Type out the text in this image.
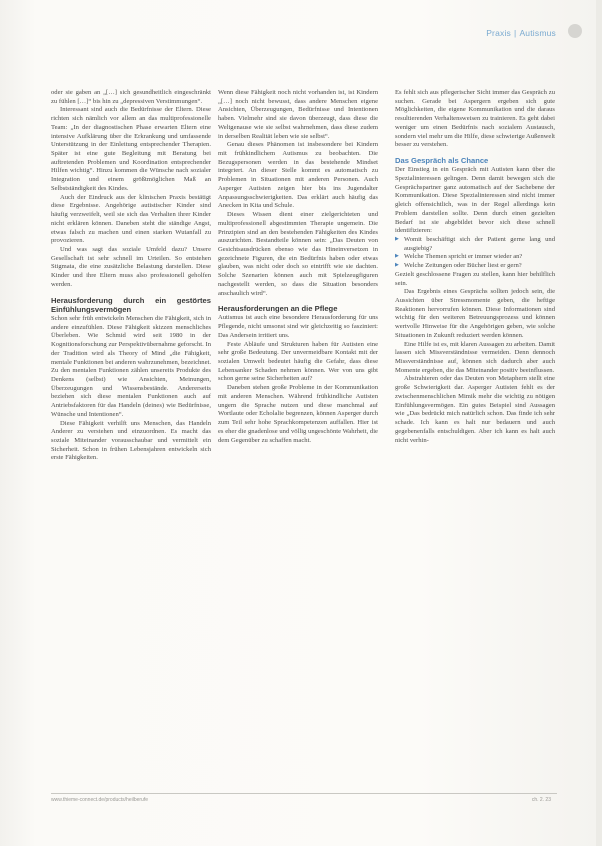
Praxis | Autismus

oder sie gaben an „[…] sich gesundheitlich eingeschränkt zu fühlen […]“ bis hin zu „depressiven Verstimmungen“.

Interessant sind auch die Bedürfnisse der Eltern. Diese richten sich nämlich vor allem an das multiprofessionelle Team: „In der diagnostischen Phase erwarten Eltern eine intensive Aufklärung über die Erkrankung und umfassende Unterstützung in der Einleitung entsprechender Therapien. Später ist eine gute Begleitung mit Beratung bei auftretenden Problemen und Koordination entsprechender Hilfen wichtig“. Hinzu kommen die Wünsche nach sozialer Integration und einem größtmöglichen Maß an Selbstständigkeit des Kindes.

Auch der Eindruck aus der klinischen Praxis bestätigt diese Ergebnisse. Angehörige autistischer Kinder sind häufig verzweifelt, weil sie sich das Verhalten ihrer Kinder nicht erklären können. Daneben steht die ständige Angst, etwas falsch zu machen und einen starken Wutanfall zu provozieren.

Und was sagt das soziale Umfeld dazu? Unsere Gesellschaft ist sehr schnell im Urteilen. So entstehen Stigmata, die eine zusätzliche Belastung darstellen. Diese Kinder und ihre Eltern muss also professionell geholfen werden.

Herausforderung durch ein gestörtes Einfühlungsvermögen

Schon sehr früh entwickeln Menschen die Fähigkeit, sich in andere einzufühlen. Diese Fähigkeit skizzen menschliches Überleben. Wie Schmid wird seit 1980 in der Kognitionsforschung zur Perspektivübernahme geforscht. In der Tradition wird als Theory of Mind „die Fähigkeit, mentale Funktionen bei anderen wahrzunehmen, bezeichnet. Zu den mentalen Funktionen zählen unsereits Produkte des Denkens (selbst) wie Ansichten, Meinungen, Überzeugungen und Wissensbestände. Andererseits beziehen sich diese mentalen Funktionen auch auf Antriebsfaktoren für das Handeln (deines) wie Bedürfnisse, Wünsche und Intentionen“.

Diese Fähigkeit verhilft uns Menschen, das Handeln Anderer zu verstehen und einzuordnen. Es macht das soziale Miteinander vorausschaubar und vermittelt ein Sicherheit. Schon in frühen Lebensjahren entwickeln sich erste Fähigkeiten.

Wenn diese Fähigkeit noch nicht vorhanden ist, ist Kindern „[…] noch nicht bewusst, dass andere Menschen eigene Ansichten, Überzeugungen, Bedürfnisse und Intentionen haben. Vielmehr sind sie davon überzeugt, dass diese die Weltgenause wie sie selbst wahrnehmen, dass diese zudem in derselben Realität leben wie sie selbst“.

Genau dieses Phänomen ist insbesondere bei Kindern mit frühkindlichem Autismus zu beobachten. Die Bezugspersonen werden in das bestehende Mindset integriert. An dieser Stelle kommt es automatisch zu Problemen in Situationen mit anderen Personen. Auch Asperger Autisten zeigen hier bis ins Jugendalter Anpassungsschwierigkeiten. Das erklärt auch häufig das Anecken in Kita und Schule.

Dieses Wissen dient einer zielgerichteten und multiprofessionell abgestimmten Therapie ungemein. Die Prinzipien sind an den bestehenden Fähigkeiten des Kindes auszurichten. Bestandteile können sein: „Das Deuten von Gesichtsausdrücken ebenso wie das Hineinversetzen in gezeichnete Figuren, die ein Bedürfnis haben oder etwas glauben, was nicht oder doch so eintrifft wie sie dachten. Solche Szenarien können auch mit Spielzeugfiguren nachgestellt werden, so dass die Situation besonders anschaulich wird“.

Herausforderungen an die Pflege

Autismus ist auch eine besondere Herausforderung für uns Pflegende, nicht umsonst sind wir gleichzeitig so fasziniert: Das Andersein irritiert uns.

Feste Abläufe und Strukturen haben für Autisten eine sehr große Bedeutung. Der unvermeidbare Kontakt mit der sozialen Umwelt bedeutet häufig die Gefahr, dass diese Lebensanker Schaden nehmen können. Wer von uns gibt schon gerne seine Sicherheiten auf?

Daneben stehen große Probleme in der Kommunikation mit anderen Menschen. Während frühkindliche Autisten ungern die Sprache nutzen und diese manchmal auf Wortlaute oder Echolalie begrenzen, können Asperger durch zum Teil sehr hohe Sprachkompetenzen auffallen. Hier ist es eher die gnadenlose und völlig ungeschönte Wahrheit, die dem Gegenüber zu schaffen macht.

Es fehlt sich aus pflegerischer Sicht immer das Gespräch zu suchen. Gerade bei Aspergern ergeben sich gute Möglichkeiten, die eigene Kommunikation und die daraus resultierenden Verhaltensweisen zu trainieren. Es geht dabei weniger um einen Bedürfnis nach sozialem Austausch, sondern viel mehr um die Hilfe, diese schwierige Außenwelt besser zu verstehen.

Das Gespräch als Chance

Der Einstieg in ein Gespräch mit Autisten kann über die Spezialinteressen gelingen. Denn damit bewegen sich die Gesprächspartner ganz automatisch auf der Sachebene der Kommunikation. Diese Spezialinteressen sind nicht immer gleich offensichtlich, was in der Regel allerdings kein Problem darstellen sollte. Denn durch einen gezielten Bedarf ist sie abgebildet bevor sich diese schnell identifizieren:

▶ Womit beschäftigt sich der Patient gerne lang und ausgiebig?
▶ Welche Themen spricht er immer wieder an?
▶ Welche Zeitungen oder Bücher liest er gern?

Gezielt geschlossene Fragen zu stellen, kann hier behilflich sein.

Das Ergebnis eines Gesprächs sollten jedoch sein, die Aussichten über Stressmomente geben, die heftige Reaktionen hervorrufen können. Diese Informationen sind wichtig für den weiteren Betreuungsprozess und können wertvolle Hinweise für die Angehörigen geben, wie solche Situationen in Zukunft reduziert werden können.

Eine Hilfe ist es, mit klaren Aussagen zu arbeiten. Damit lassen sich Missverständnisse vermeiden. Denn dennoch Missverständnisse auf, können sich dadurch aber auch Momente ergeben, die das Miteinander positiv beeinflussen.

Abstrahieren oder das Deuten von Metaphern stellt eine große Schwierigkeit dar. Asperger Autisten fehlt es der zwischenmenschlichen Mimik mehr die wichtig zu nötigen Einfühlungsvermögen. Ein gutes Beispiel sind Aussagen wie „Das bedrückt mich natürlich schon. Das finde ich sehr schade. Ich kann es halt nur bedauern und auch gegebenenfalls entschuldigen. Aber ich kann es halt auch nicht verhin-

www.thieme-connect.de/products/heilberufe	ch. 2. 23
